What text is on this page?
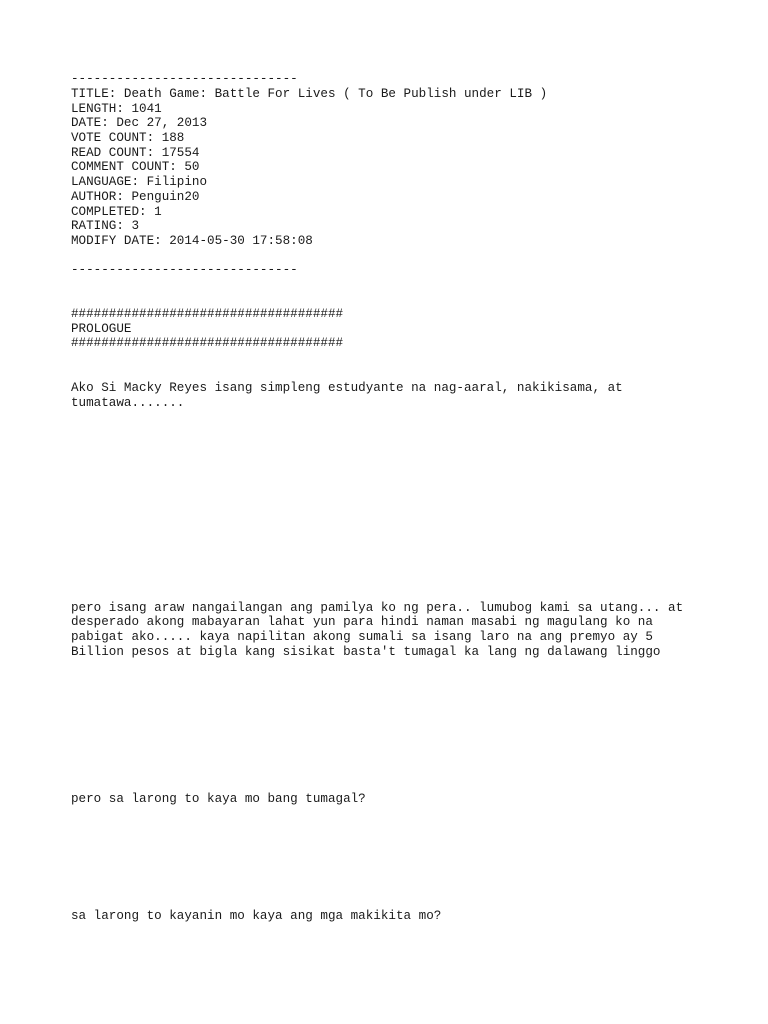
------------------------------

TITLE: Death Game: Battle For Lives ( To Be Publish under LIB )

LENGTH: 1041

DATE: Dec 27, 2013

VOTE COUNT: 188

READ COUNT: 17554

COMMENT COUNT: 50

LANGUAGE: Filipino

AUTHOR: Penguin20

COMPLETED: 1

RATING: 3

MODIFY DATE: 2014-05-30 17:58:08

------------------------------

####################################

PROLOGUE

####################################

Ako Si Macky Reyes isang simpleng estudyante na nag-aaral, nakikisama, at

tumatawa.......

pero isang araw nangailangan ang pamilya ko ng pera.. lumubog kami sa utang... at

desperado akong mabayaran lahat yun para hindi naman masabi ng magulang ko na

pabigat ako..... kaya napilitan akong sumali sa isang laro na ang premyo ay 5

Billion pesos at bigla kang sisikat basta't tumagal ka lang ng dalawang linggo

pero sa larong to kaya mo bang tumagal?

sa larong to kayanin mo kaya ang mga makikita mo?
